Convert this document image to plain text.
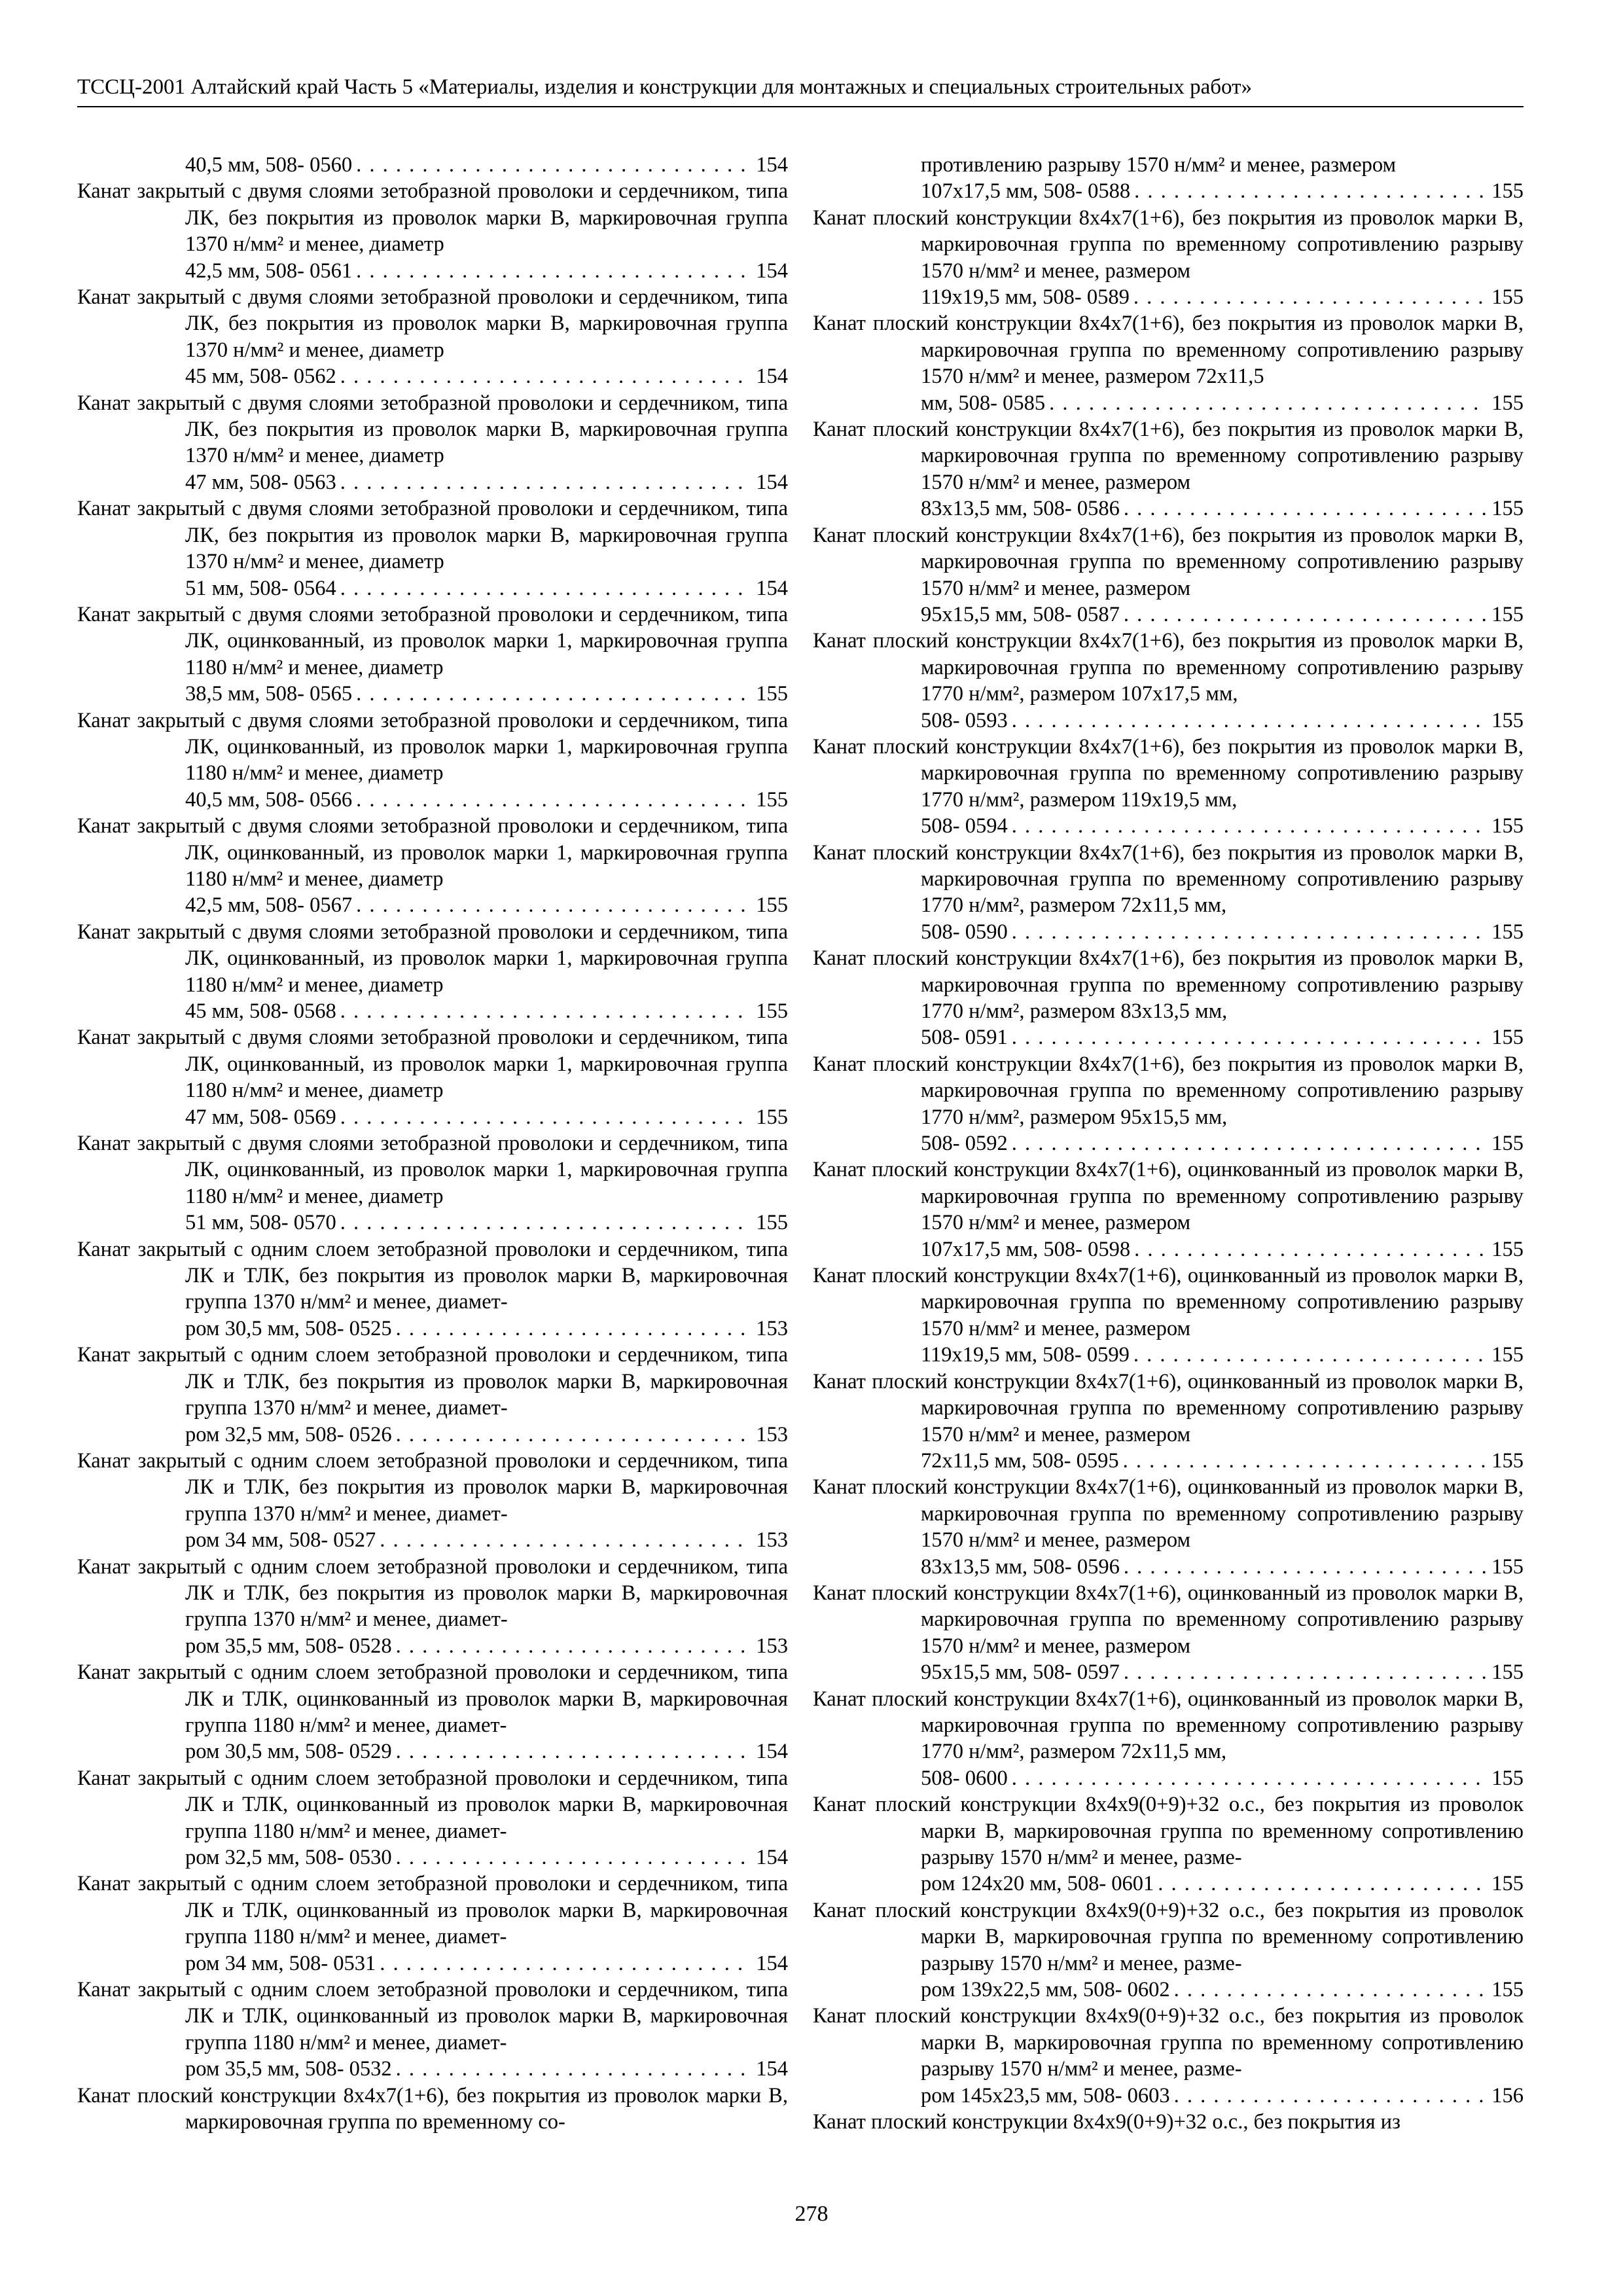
ТССЦ-2001 Алтайский край Часть 5 «Материалы, изделия и конструкции для монтажных и специальных строительных работ»
40,5 мм, 508- 0560 . . .	154
Канат закрытый с двумя слоями зетобразной проволоки и сердечником, типа ЛК, без покрытия из проволок марки В, маркировочная группа 1370 н/мм² и менее, диаметр
42,5 мм, 508- 0561 . . .	154
Канат закрытый с двумя слоями зетобразной проволоки и сердечником, типа ЛК, без покрытия из проволок марки В, маркировочная группа 1370 н/мм² и менее, диаметр
45 мм, 508- 0562 . . .	154
Канат закрытый с двумя слоями зетобразной проволоки и сердечником, типа ЛК, без покрытия из проволок марки В, маркировочная группа 1370 н/мм² и менее, диаметр
47 мм, 508- 0563 . . .	154
Канат закрытый с двумя слоями зетобразной проволоки и сердечником, типа ЛК, без покрытия из проволок марки В, маркировочная группа 1370 н/мм² и менее, диаметр
51 мм, 508- 0564 . . .	154
Канат закрытый с двумя слоями зетобразной проволоки и сердечником, типа ЛК, оцинкованный, из проволок марки 1, маркировочная группа 1180 н/мм² и менее, диаметр
38,5 мм, 508- 0565 . . .	155
Канат закрытый с двумя слоями зетобразной проволоки и сердечником, типа ЛК, оцинкованный, из проволок марки 1, маркировочная группа 1180 н/мм² и менее, диаметр
40,5 мм, 508- 0566 . . .	155
Канат закрытый с двумя слоями зетобразной проволоки и сердечником, типа ЛК, оцинкованный, из проволок марки 1, маркировочная группа 1180 н/мм² и менее, диаметр
42,5 мм, 508- 0567 . . .	155
Канат закрытый с двумя слоями зетобразной проволоки и сердечником, типа ЛК, оцинкованный, из проволок марки 1, маркировочная группа 1180 н/мм² и менее, диаметр
45 мм, 508- 0568 . . .	155
Канат закрытый с двумя слоями зетобразной проволоки и сердечником, типа ЛК, оцинкованный, из проволок марки 1, маркировочная группа 1180 н/мм² и менее, диаметр
47 мм, 508- 0569 . . .	155
Канат закрытый с двумя слоями зетобразной проволоки и сердечником, типа ЛК, оцинкованный, из проволок марки 1, маркировочная группа 1180 н/мм² и менее, диаметр
51 мм, 508- 0570 . . .	155
Канат закрытый с одним слоем зетобразной проволоки и сердечником, типа ЛК и ТЛК, без покрытия из проволок марки В, маркировочная группа 1370 н/мм² и менее, диамет-
ром 30,5 мм, 508- 0525 . . .	153
Канат закрытый с одним слоем зетобразной проволоки и сердечником, типа ЛК и ТЛК, без покрытия из проволок марки В, маркировочная группа 1370 н/мм² и менее, диамет-
ром 32,5 мм, 508- 0526 . . .	153
Канат закрытый с одним слоем зетобразной проволоки и сердечником, типа ЛК и ТЛК, без покрытия из проволок марки В, маркировочная группа 1370 н/мм² и менее, диамет-
ром 34 мм, 508- 0527 . . .	153
Канат закрытый с одним слоем зетобразной проволоки и сердечником, типа ЛК и ТЛК, без покрытия из проволок марки В, маркировочная группа 1370 н/мм² и менее, диамет-
ром 35,5 мм, 508- 0528 . . .	153
Канат закрытый с одним слоем зетобразной проволоки и сердечником, типа ЛК и ТЛК, оцинкованный из проволок марки В, маркировочная группа 1180 н/мм² и менее, диамет-
ром 30,5 мм, 508- 0529 . . .	154
Канат закрытый с одним слоем зетобразной проволоки и сердечником, типа ЛК и ТЛК, оцинкованный из проволок марки В, маркировочная группа 1180 н/мм² и менее, диамет-
ром 32,5 мм, 508- 0530 . . .	154
Канат закрытый с одним слоем зетобразной проволоки и сердечником, типа ЛК и ТЛК, оцинкованный из проволок марки В, маркировочная группа 1180 н/мм² и менее, диамет-
ром 34 мм, 508- 0531 . . .	154
Канат закрытый с одним слоем зетобразной проволоки и сердечником, типа ЛК и ТЛК, оцинкованный из проволок марки В, маркировочная группа 1180 н/мм² и менее, диамет-
ром 35,5 мм, 508- 0532 . . .	154
Канат плоский конструкции 8х4х7(1+6), без покрытия из проволок марки В, маркировочная группа по временному со-
противлению разрыву 1570 н/мм² и менее, размером
107х17,5 мм, 508- 0588 . . .	155
Канат плоский конструкции 8х4х7(1+6), без покрытия из проволок марки В, маркировочная группа по временному сопротивлению разрыву 1570 н/мм² и менее, размером
119х19,5 мм, 508- 0589 . . .	155
Канат плоский конструкции 8х4х7(1+6), без покрытия из проволок марки В, маркировочная группа по временному сопротивлению разрыву 1570 н/мм² и менее, размером 72х11,5
мм, 508- 0585 . . .	155
Канат плоский конструкции 8х4х7(1+6), без покрытия из проволок марки В, маркировочная группа по временному сопротивлению разрыву 1570 н/мм² и менее, размером
83х13,5 мм, 508- 0586 . . .	155
Канат плоский конструкции 8х4х7(1+6), без покрытия из проволок марки В, маркировочная группа по временному сопротивлению разрыву 1570 н/мм² и менее, размером
95х15,5 мм, 508- 0587 . . .	155
Канат плоский конструкции 8х4х7(1+6), без покрытия из проволок марки В, маркировочная группа по временному сопротивлению разрыву 1770 н/мм², размером 107х17,5 мм,
508- 0593 . . .	155
Канат плоский конструкции 8х4х7(1+6), без покрытия из проволок марки В, маркировочная группа по временному сопротивлению разрыву 1770 н/мм², размером 119х19,5 мм,
508- 0594 . . .	155
Канат плоский конструкции 8х4х7(1+6), без покрытия из проволок марки В, маркировочная группа по временному сопротивлению разрыву 1770 н/мм², размером 72х11,5 мм,
508- 0590 . . .	155
Канат плоский конструкции 8х4х7(1+6), без покрытия из проволок марки В, маркировочная группа по временному сопротивлению разрыву 1770 н/мм², размером 83х13,5 мм,
508- 0591 . . .	155
Канат плоский конструкции 8х4х7(1+6), без покрытия из проволок марки В, маркировочная группа по временному сопротивлению разрыву 1770 н/мм², размером 95х15,5 мм,
508- 0592 . . .	155
Канат плоский конструкции 8х4х7(1+6), оцинкованный из проволок марки В, маркировочная группа по временному сопротивлению разрыву 1570 н/мм² и менее, размером
107х17,5 мм, 508- 0598 . . .	155
Канат плоский конструкции 8х4х7(1+6), оцинкованный из проволок марки В, маркировочная группа по временному сопротивлению разрыву 1570 н/мм² и менее, размером
119х19,5 мм, 508- 0599 . . .	155
Канат плоский конструкции 8х4х7(1+6), оцинкованный из проволок марки В, маркировочная группа по временному сопротивлению разрыву 1570 н/мм² и менее, размером
72х11,5 мм, 508- 0595 . . .	155
Канат плоский конструкции 8х4х7(1+6), оцинкованный из проволок марки В, маркировочная группа по временному сопротивлению разрыву 1570 н/мм² и менее, размером
83х13,5 мм, 508- 0596 . . .	155
Канат плоский конструкции 8х4х7(1+6), оцинкованный из проволок марки В, маркировочная группа по временному сопротивлению разрыву 1570 н/мм² и менее, размером
95х15,5 мм, 508- 0597 . . .	155
Канат плоский конструкции 8х4х7(1+6), оцинкованный из проволок марки В, маркировочная группа по временному сопротивлению разрыву 1770 н/мм², размером 72х11,5 мм,
508- 0600 . . .	155
Канат плоский конструкции 8х4х9(0+9)+32 о.с., без покрытия из проволок марки В, маркировочная группа по временному сопротивлению разрыву 1570 н/мм² и менее, разме-
ром 124х20 мм, 508- 0601 . . .	155
Канат плоский конструкции 8х4х9(0+9)+32 о.с., без покрытия из проволок марки В, маркировочная группа по временному сопротивлению разрыву 1570 н/мм² и менее, разме-
ром 139х22,5 мм, 508- 0602 . . .	155
Канат плоский конструкции 8х4х9(0+9)+32 о.с., без покрытия из проволок марки В, маркировочная группа по временному сопротивлению разрыву 1570 н/мм² и менее, разме-
ром 145х23,5 мм, 508- 0603 . . .	156
Канат плоский конструкции 8х4х9(0+9)+32 о.с., без покрытия из
278
